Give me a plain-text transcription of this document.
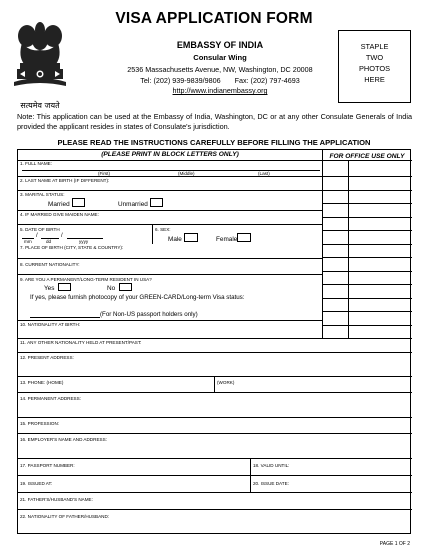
सत्यमेव जयते
VISA APPLICATION FORM
EMBASSY OF INDIA
Consular Wing
2536 Massachusetts Avenue, NW, Washington, DC 20008
Tel: (202) 939-9839/9806 Fax: (202) 797-4693
http://www.indianembassy.org
STAPLE
TWO
PHOTOS
HERE
Note: This application can be used at the Embassy of India, Washington, DC or at any other Consulate Generals of India provided the applicant resides in states of Consulate's jurisdiction.
PLEASE READ THE INSTRUCTIONS CAREFULLY BEFORE FILLING THE APPLICATION
(PLEASE PRINT IN BLOCK LETTERS ONLY)	FOR OFFICE USE ONLY
1. FULL NAME:
(First)	(Middle)	(Last)
2. LAST NAME AT BIRTH (IF DIFFERENT):
3. MARITAL STATUS:
Married	Unmarried
4. IF MARRIED GIVE MAIDEN NAME:
5. DATE OF BIRTH
/	/
mm	dd	yyyy
6. SEX:
Male	Female
7. PLACE OF BIRTH (CITY, STATE & COUNTRY):
8. CURRENT NATIONALITY:
9. ARE YOU A PERMANENT/LONG-TERM RESIDENT IN USA?
Yes	No
If yes, please furnish photocopy of your GREEN-CARD/Long-term Visa status:
(For Non-US passport holders only)
10. NATIONALITY AT BIRTH:
11. ANY OTHER NATIONALITY HELD AT PRESENT/PAST:
12. PRESENT ADDRESS:
13. PHONE: (HOME)	(WORK)
14. PERMANENT ADDRESS:
15. PROFESSION:
16. EMPLOYER'S NAME AND ADDRESS:
17. PASSPORT NUMBER:	18. VALID UNTIL:
19. ISSUED AT:	20. ISSUE DATE:
21. FATHER'S/HUSBAND'S NAME:
22. NATIONALITY OF FATHER/HUSBAND:
PAGE 1 OF 2
